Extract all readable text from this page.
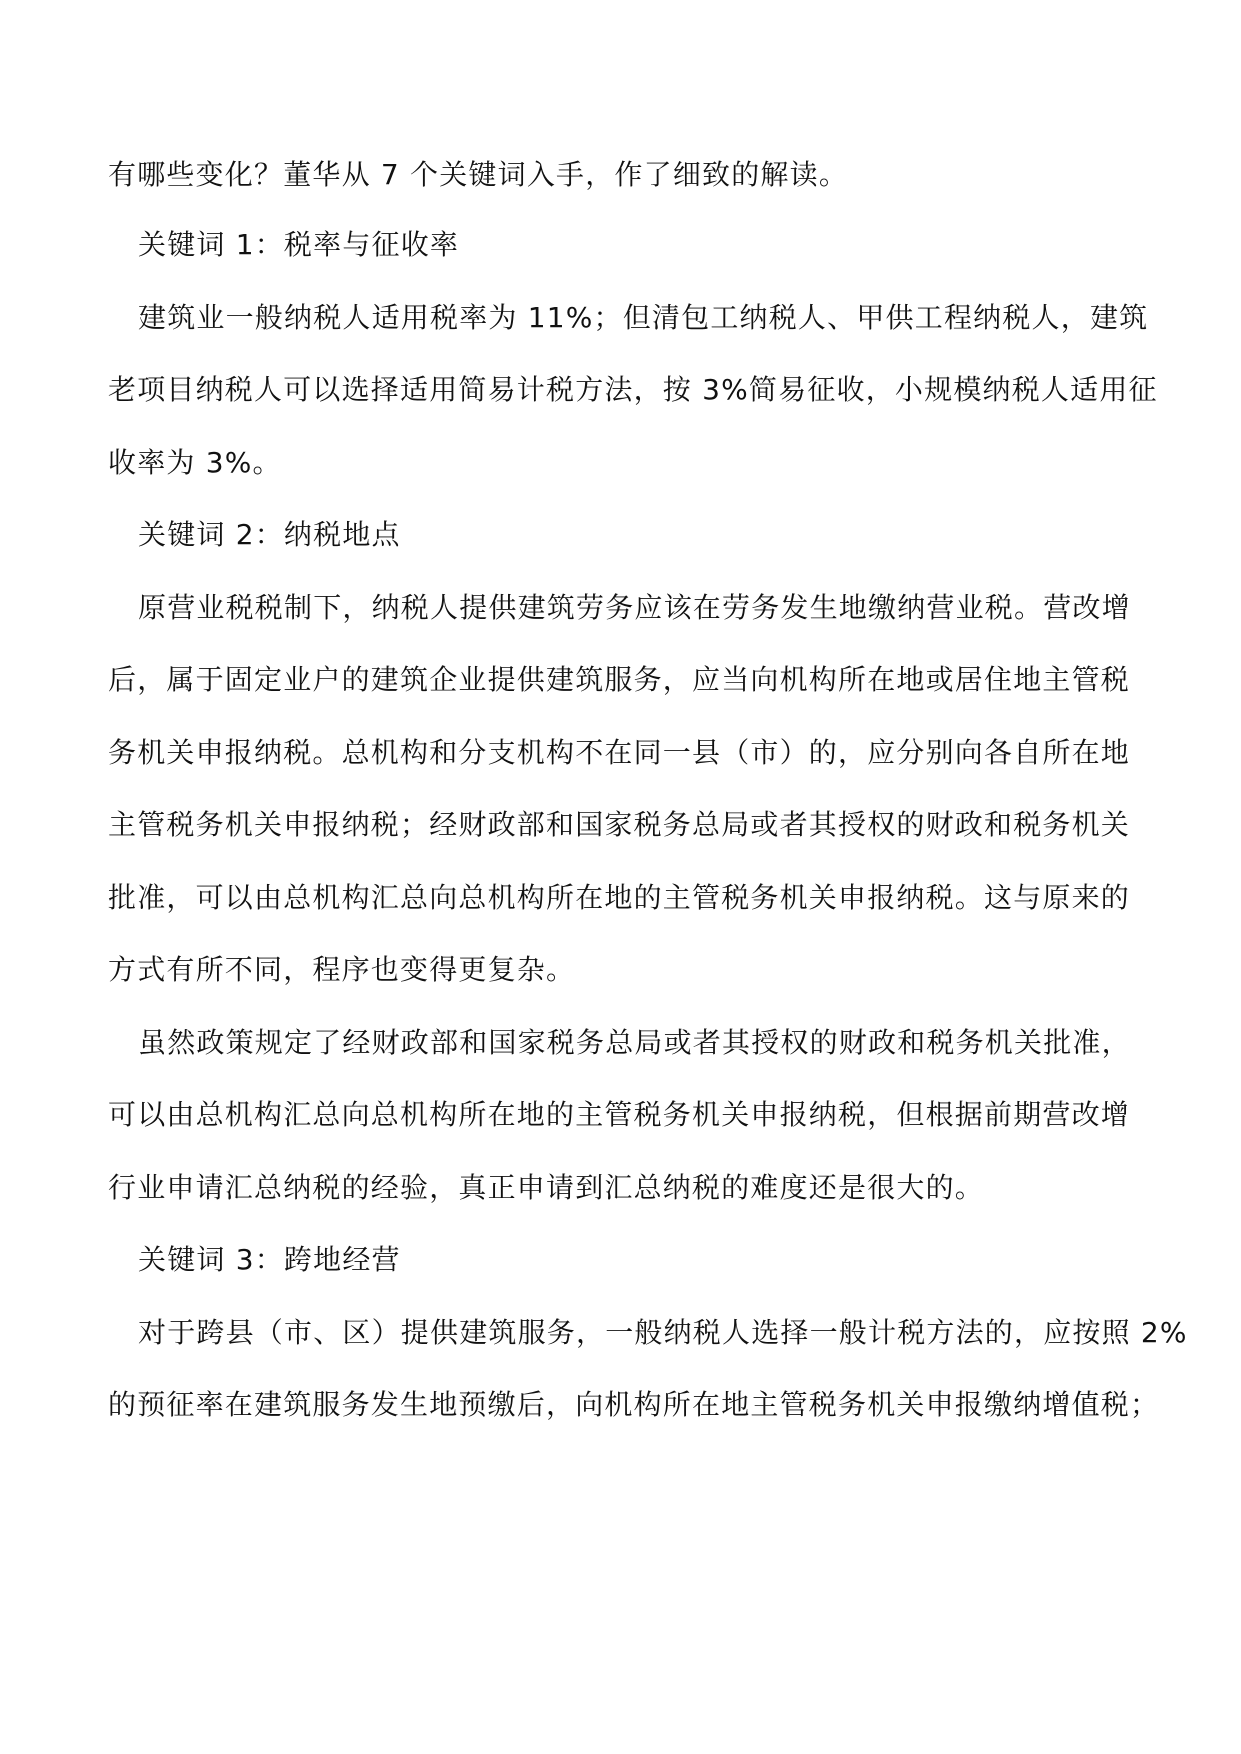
有哪些变化？董华从 7 个关键词入手，作了细致的解读。
关键词 1：税率与征收率
建筑业一般纳税人适用税率为 11%；但清包工纳税人、甲供工程纳税人，建筑
老项目纳税人可以选择适用简易计税方法，按 3%简易征收，小规模纳税人适用征
收率为 3%。
关键词 2：纳税地点
原营业税税制下，纳税人提供建筑劳务应该在劳务发生地缴纳营业税。营改增
后，属于固定业户的建筑企业提供建筑服务，应当向机构所在地或居住地主管税
务机关申报纳税。总机构和分支机构不在同一县（市）的，应分别向各自所在地
主管税务机关申报纳税；经财政部和国家税务总局或者其授权的财政和税务机关
批准，可以由总机构汇总向总机构所在地的主管税务机关申报纳税。这与原来的
方式有所不同，程序也变得更复杂。
虽然政策规定了经财政部和国家税务总局或者其授权的财政和税务机关批准，
可以由总机构汇总向总机构所在地的主管税务机关申报纳税，但根据前期营改增
行业申请汇总纳税的经验，真正申请到汇总纳税的难度还是很大的。
关键词 3：跨地经营
对于跨县（市、区）提供建筑服务，一般纳税人选择一般计税方法的，应按照 2%
的预征率在建筑服务发生地预缴后，向机构所在地主管税务机关申报缴纳增值税；
